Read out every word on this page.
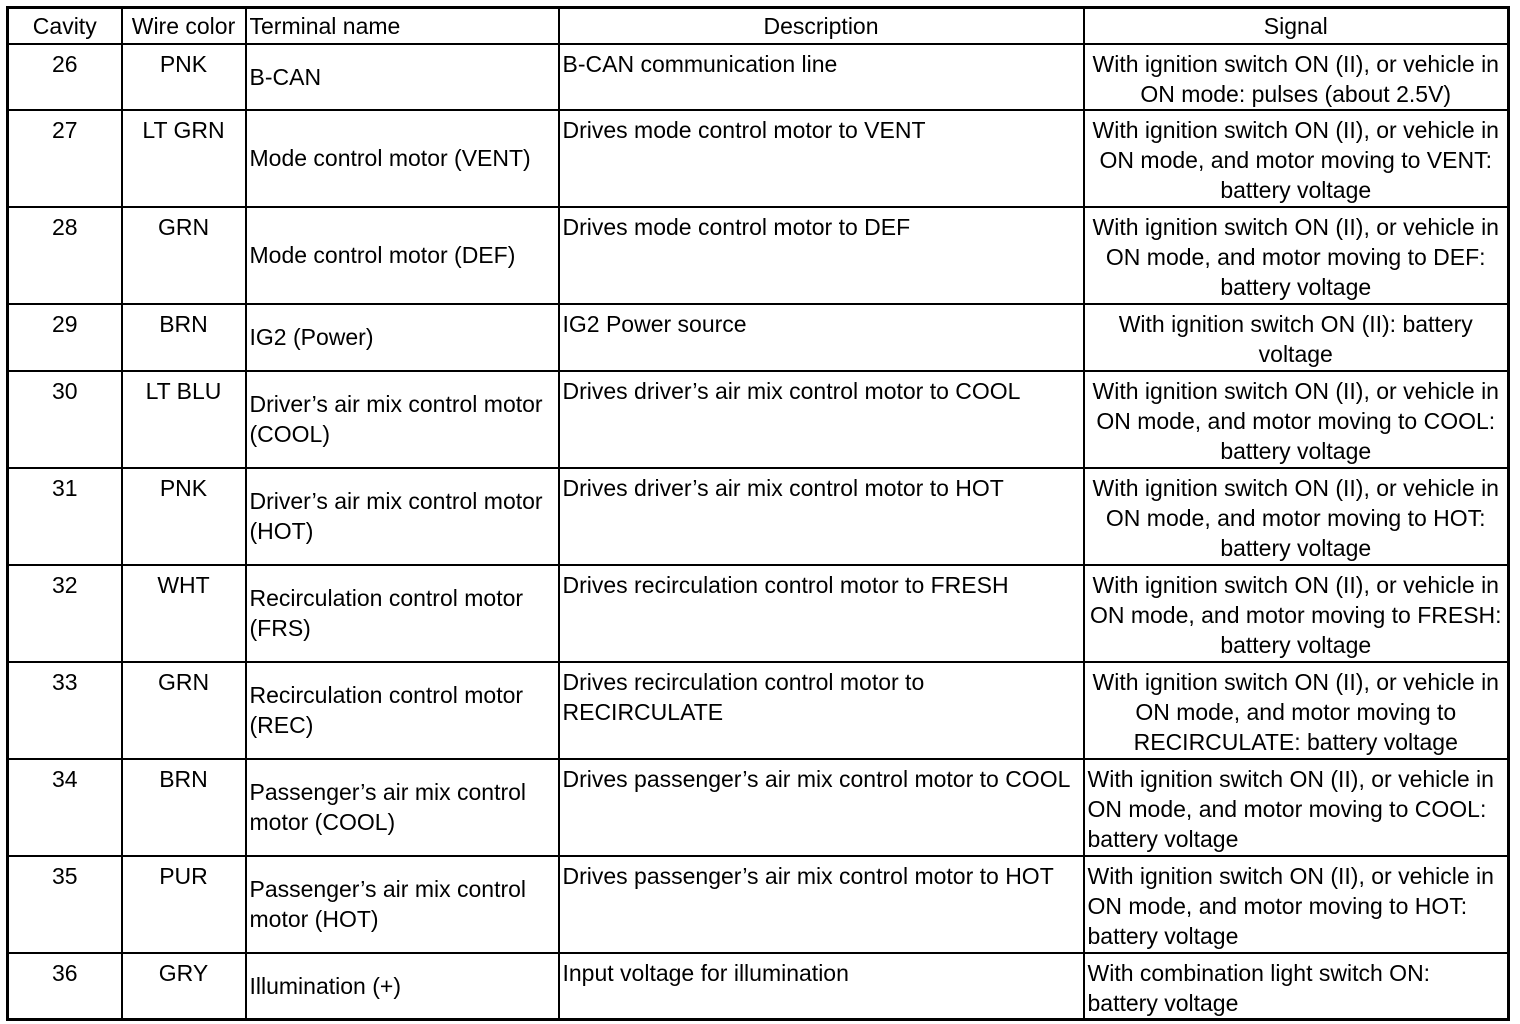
Cavity	Wire color	Terminal name	Description	Signal
26	PNK	B-CAN	B-CAN communication line	With ignition switch ON (II), or vehicle in ON mode: pulses (about 2.5V)
27	LT GRN	Mode control motor (VENT)	Drives mode control motor to VENT	With ignition switch ON (II), or vehicle in ON mode, and motor moving to VENT: battery voltage
28	GRN	Mode control motor (DEF)	Drives mode control motor to DEF	With ignition switch ON (II), or vehicle in ON mode, and motor moving to DEF: battery voltage
29	BRN	IG2 (Power)	IG2 Power source	With ignition switch ON (II): battery voltage
30	LT BLU	Driver’s air mix control motor (COOL)	Drives driver’s air mix control motor to COOL	With ignition switch ON (II), or vehicle in ON mode, and motor moving to COOL: battery voltage
31	PNK	Driver’s air mix control motor (HOT)	Drives driver’s air mix control motor to HOT	With ignition switch ON (II), or vehicle in ON mode, and motor moving to HOT: battery voltage
32	WHT	Recirculation control motor (FRS)	Drives recirculation control motor to FRESH	With ignition switch ON (II), or vehicle in ON mode, and motor moving to FRESH: battery voltage
33	GRN	Recirculation control motor (REC)	Drives recirculation control motor to RECIRCULATE	With ignition switch ON (II), or vehicle in ON mode, and motor moving to RECIRCULATE: battery voltage
34	BRN	Passenger’s air mix control motor (COOL)	Drives passenger’s air mix control motor to COOL	With ignition switch ON (II), or vehicle in ON mode, and motor moving to COOL: battery voltage
35	PUR	Passenger’s air mix control motor (HOT)	Drives passenger’s air mix control motor to HOT	With ignition switch ON (II), or vehicle in ON mode, and motor moving to HOT: battery voltage
36	GRY	Illumination (+)	Input voltage for illumination	With combination light switch ON: battery voltage
